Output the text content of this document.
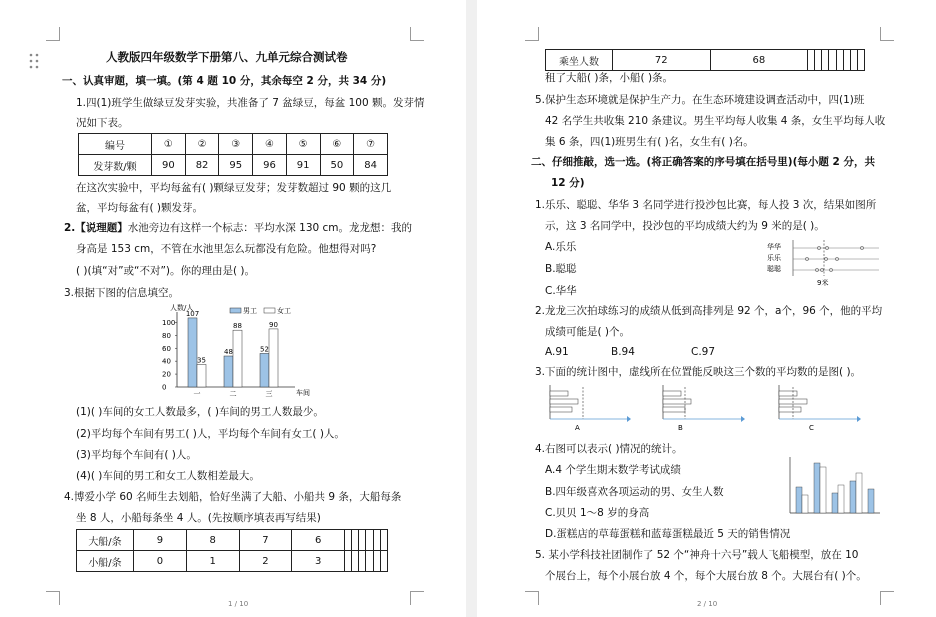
人教版四年级数学下册第八、九单元综合测试卷
一、认真审题，填一填。(第 4 题 10 分，其余每空 2 分，共 34 分)
1.四(1)班学生做绿豆发芽实验，共准备了 7 盆绿豆，每盆 100 颗。发芽情
况如下表。
编号	①	②	③	④	⑤	⑥	⑦
发芽数/颗	90	82	95	96	91	50	84
在这次实验中，平均每盆有( )颗绿豆发芽；发芽数超过 90 颗的这几
盆，平均每盆有( )颗发芽。
2.【说理题】水池旁边有这样一个标志：平均水深 130 cm。龙龙想：我的
身高是 153 cm，不管在水池里怎么玩都没有危险。他想得对吗?
( )(填“对”或“不对”)。你的理由是( )。
3.根据下图的信息填空。
人数/人
100
80
60
40
20
0
107
35
48
88
52
90
一	二	三	车间
男工	女工
(1)( )车间的女工人数最多，( )车间的男工人数最少。
(2)平均每个车间有男工( )人，平均每个车间有女工( )人。
(3)平均每个车间有( )人。
(4)( )车间的男工和女工人数相差最大。
4.博爱小学 60 名师生去划船，恰好坐满了大船、小船共 9 条，大船每条
坐 8 人，小船每条坐 4 人。(先按顺序填表再写结果)
大船/条	9	8	7	6						
小船/条	0	1	2	3						
1 / 10
乘坐人数	72	68								
租了大船( )条，小船( )条。
5.保护生态环境就是保护生产力。在生态环境建设调查活动中，四(1)班
42 名学生共收集 210 条建议。男生平均每人收集 4 条，女生平均每人收
集 6 条，四(1)班男生有( )名，女生有( )名。
二、仔细推敲，选一选。(将正确答案的序号填在括号里)(每小题 2 分，共
12 分)
1.乐乐、聪聪、华华 3 名同学进行投沙包比赛，每人投 3 次，结果如图所
示，这 3 名同学中，投沙包的平均成绩大约为 9 米的是( )。
A.乐乐
B.聪聪
C.华华
华华
乐乐
聪聪
9米
2.龙龙三次拍球练习的成绩从低到高排列是 92 个，a个，96 个，他的平均
成绩可能是( )个。
A.91	B.94	C.97
3.下面的统计图中，虚线所在位置能反映这三个数的平均数的是图( )。
A	B	C
4.右图可以表示( )情况的统计。
A.4 个学生期末数学考试成绩
B.四年级喜欢各项运动的男、女生人数
C.贝贝 1～8 岁的身高
D.蛋糕店的草莓蛋糕和蓝莓蛋糕最近 5 天的销售情况
5. 某小学科技社团制作了 52 个“神舟十六号”载人飞船模型，放在 10
个展台上，每个小展台放 4 个，每个大展台放 8 个。大展台有( )个。
2 / 10
